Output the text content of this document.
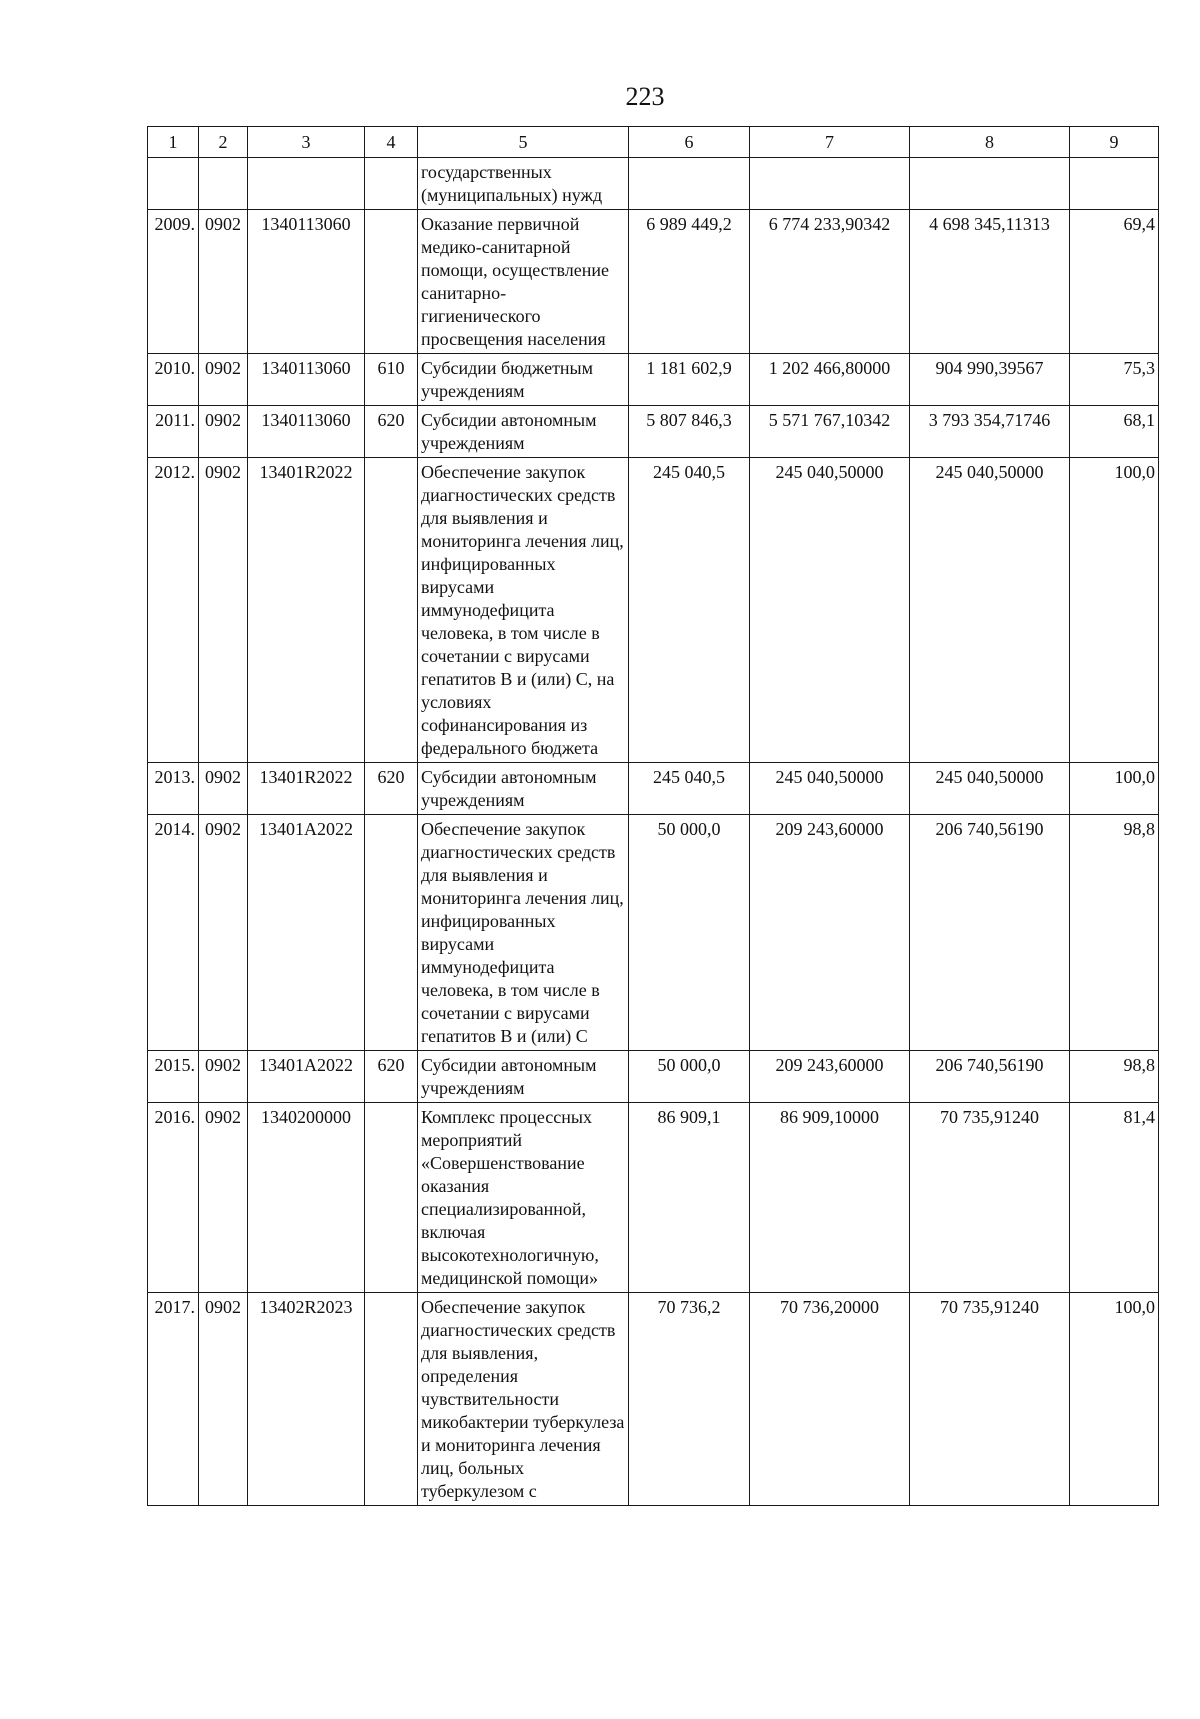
223
1	2	3	4	5	6	7	8	9
				государственных (муниципальных) нужд				
2009.	0902	1340113060		Оказание первичной медико-санитарной помощи, осуществление санитарно-гигиенического просвещения населения	6 989 449,2	6 774 233,90342	4 698 345,11313	69,4
2010.	0902	1340113060	610	Субсидии бюджетным учреждениям	1 181 602,9	1 202 466,80000	904 990,39567	75,3
2011.	0902	1340113060	620	Субсидии автономным учреждениям	5 807 846,3	5 571 767,10342	3 793 354,71746	68,1
2012.	0902	13401R2022		Обеспечение закупок диагностических средств для выявления и мониторинга лечения лиц, инфицированных вирусами иммунодефицита человека, в том числе в сочетании с вирусами гепатитов B и (или) C, на условиях софинансирования из федерального бюджета	245 040,5	245 040,50000	245 040,50000	100,0
2013.	0902	13401R2022	620	Субсидии автономным учреждениям	245 040,5	245 040,50000	245 040,50000	100,0
2014.	0902	13401A2022		Обеспечение закупок диагностических средств для выявления и мониторинга лечения лиц, инфицированных вирусами иммунодефицита человека, в том числе в сочетании с вирусами гепатитов B и (или) C	50 000,0	209 243,60000	206 740,56190	98,8
2015.	0902	13401A2022	620	Субсидии автономным учреждениям	50 000,0	209 243,60000	206 740,56190	98,8
2016.	0902	1340200000		Комплекс процессных мероприятий «Совершенствование оказания специализированной, включая высокотехнологичную, медицинской помощи»	86 909,1	86 909,10000	70 735,91240	81,4
2017.	0902	13402R2023		Обеспечение закупок диагностических средств для выявления, определения чувствительности микобактерии туберкулеза и мониторинга лечения лиц, больных туберкулезом с	70 736,2	70 736,20000	70 735,91240	100,0
